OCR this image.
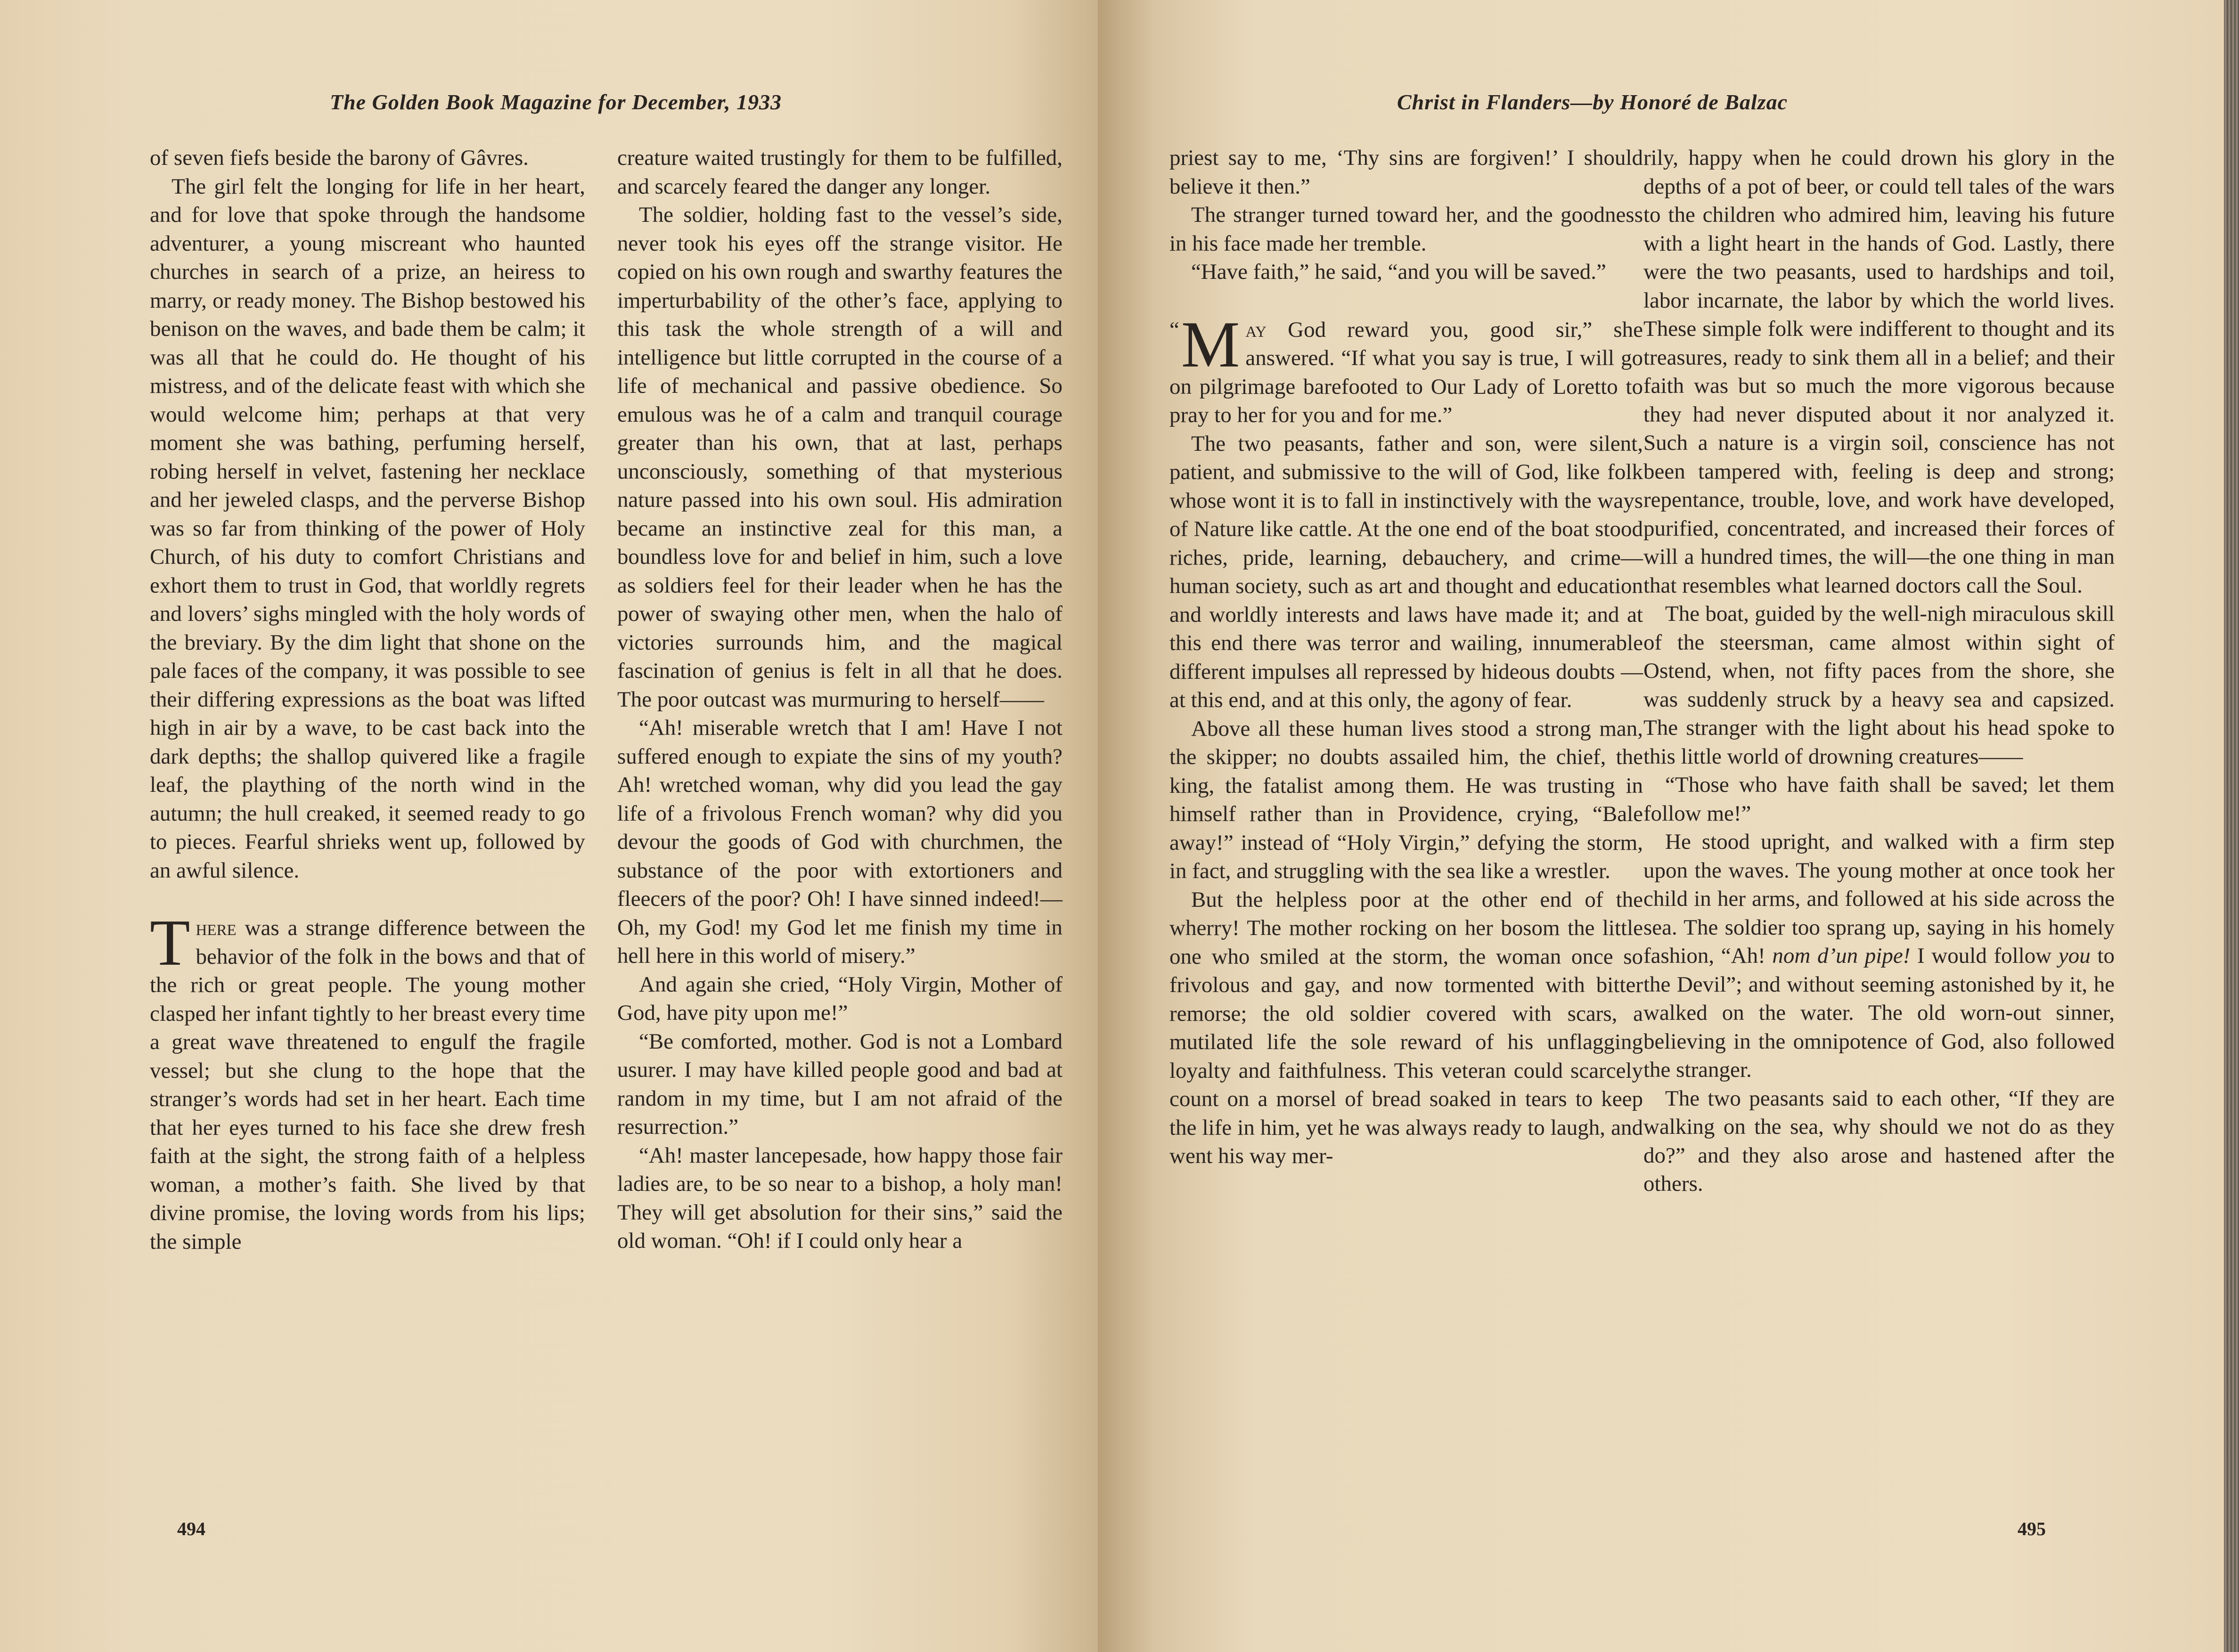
The Golden Book Magazine for December, 1933

of seven fiefs beside the barony of Gâvres.

The girl felt the longing for life in her heart, and for love that spoke through the handsome adventurer, a young miscreant who haunted churches in search of a prize, an heiress to marry, or ready money. The Bishop bestowed his benison on the waves, and bade them be calm; it was all that he could do. He thought of his mistress, and of the delicate feast with which she would welcome him; perhaps at that very moment she was bathing, perfuming herself, robing herself in velvet, fastening her necklace and her jeweled clasps, and the perverse Bishop was so far from thinking of the power of Holy Church, of his duty to comfort Christians and exhort them to trust in God, that worldly regrets and lovers’ sighs mingled with the holy words of the breviary. By the dim light that shone on the pale faces of the company, it was possible to see their differing expressions as the boat was lifted high in air by a wave, to be cast back into the dark depths; the shallop quivered like a fragile leaf, the plaything of the north wind in the autumn; the hull creaked, it seemed ready to go to pieces. Fearful shrieks went up, followed by an awful silence.

There was a strange difference between the behavior of the folk in the bows and that of the rich or great people. The young mother clasped her infant tightly to her breast every time a great wave threatened to engulf the fragile vessel; but she clung to the hope that the stranger’s words had set in her heart. Each time that her eyes turned to his face she drew fresh faith at the sight, the strong faith of a helpless woman, a mother’s faith. She lived by that divine promise, the loving words from his lips; the simple

creature waited trustingly for them to be fulfilled, and scarcely feared the danger any longer.

The soldier, holding fast to the vessel’s side, never took his eyes off the strange visitor. He copied on his own rough and swarthy features the imperturbability of the other’s face, applying to this task the whole strength of a will and intelligence but little corrupted in the course of a life of mechanical and passive obedience. So emulous was he of a calm and tranquil courage greater than his own, that at last, perhaps unconsciously, something of that mysterious nature passed into his own soul. His admiration became an instinctive zeal for this man, a boundless love for and belief in him, such a love as soldiers feel for their leader when he has the power of swaying other men, when the halo of victories surrounds him, and the magical fascination of genius is felt in all that he does. The poor outcast was murmuring to herself——

“Ah! miserable wretch that I am! Have I not suffered enough to expiate the sins of my youth? Ah! wretched woman, why did you lead the gay life of a frivolous French woman? why did you devour the goods of God with churchmen, the substance of the poor with extortioners and fleecers of the poor? Oh! I have sinned indeed!—Oh, my God! my God let me finish my time in hell here in this world of misery.”

And again she cried, “Holy Virgin, Mother of God, have pity upon me!”

“Be comforted, mother. God is not a Lombard usurer. I may have killed people good and bad at random in my time, but I am not afraid of the resurrection.”

“Ah! master lancepesade, how happy those fair ladies are, to be so near to a bishop, a holy man! They will get absolution for their sins,” said the old woman. “Oh! if I could only hear a

494
Christ in Flanders—by Honoré de Balzac

priest say to me, ‘Thy sins are forgiven!’ I should believe it then.”

The stranger turned toward her, and the goodness in his face made her tremble.

“Have faith,” he said, “and you will be saved.”

“ M ay God reward you, good sir,” she answered. “If what you say is true, I will go on pilgrimage barefooted to Our Lady of Loretto to pray to her for you and for me.”

The two peasants, father and son, were silent, patient, and submissive to the will of God, like folk whose wont it is to fall in instinctively with the ways of Nature like cattle. At the one end of the boat stood riches, pride, learning, debauchery, and crime—human society, such as art and thought and education and worldly interests and laws have made it; and at this end there was terror and wailing, innumerable different impulses all repressed by hideous doubts —at this end, and at this only, the agony of fear.

Above all these human lives stood a strong man, the skipper; no doubts assailed him, the chief, the king, the fatalist among them. He was trusting in himself rather than in Providence, crying, “Bale away!” instead of “Holy Virgin,” defying the storm, in fact, and struggling with the sea like a wrestler.

But the helpless poor at the other end of the wherry! The mother rocking on her bosom the little one who smiled at the storm, the woman once so frivolous and gay, and now tormented with bitter remorse; the old soldier covered with scars, a mutilated life the sole reward of his unflagging loyalty and faithfulness. This veteran could scarcely count on a morsel of bread soaked in tears to keep the life in him, yet he was always ready to laugh, and went his way mer-

rily, happy when he could drown his glory in the depths of a pot of beer, or could tell tales of the wars to the children who admired him, leaving his future with a light heart in the hands of God. Lastly, there were the two peasants, used to hardships and toil, labor incarnate, the labor by which the world lives. These simple folk were indifferent to thought and its treasures, ready to sink them all in a belief; and their faith was but so much the more vigorous because they had never disputed about it nor analyzed it. Such a nature is a virgin soil, conscience has not been tampered with, feeling is deep and strong; repentance, trouble, love, and work have developed, purified, concentrated, and increased their forces of will a hundred times, the will—the one thing in man that resembles what learned doctors call the Soul.

The boat, guided by the well-nigh miraculous skill of the steersman, came almost within sight of Ostend, when, not fifty paces from the shore, she was suddenly struck by a heavy sea and capsized. The stranger with the light about his head spoke to this little world of drowning creatures——

“Those who have faith shall be saved; let them follow me!”

He stood upright, and walked with a firm step upon the waves. The young mother at once took her child in her arms, and followed at his side across the sea. The soldier too sprang up, saying in his homely fashion, “Ah! nom d’un pipe! I would follow you to the Devil”; and without seeming astonished by it, he walked on the water. The old worn-out sinner, believing in the omnipotence of God, also followed the stranger.

The two peasants said to each other, “If they are walking on the sea, why should we not do as they do?” and they also arose and hastened after the others.

495
